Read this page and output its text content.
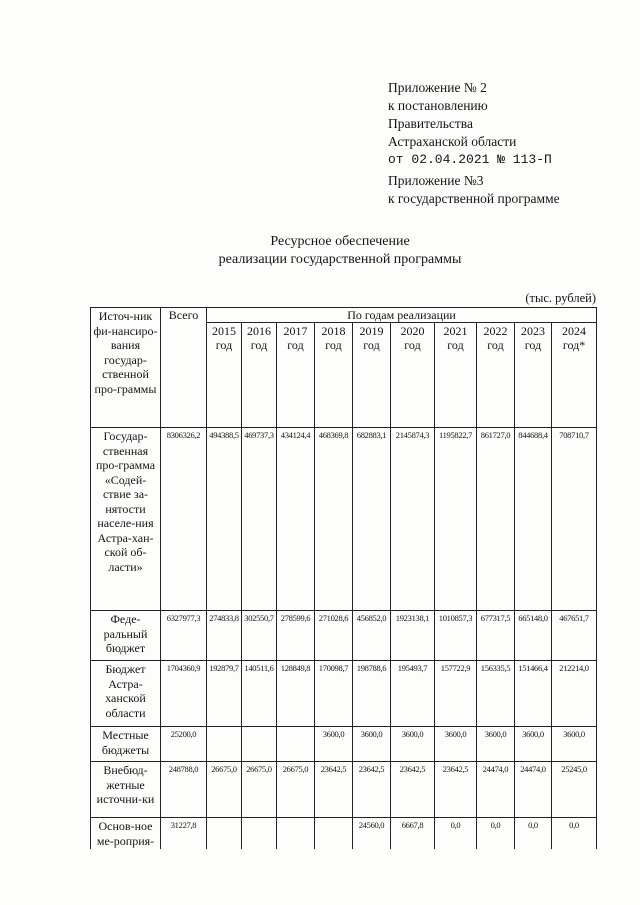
Приложение № 2
к постановлению
Правительства
Астраханской области
от 02.04.2021 № 113-П
Приложение №3
к государственной программе
Ресурсное обеспечение
реализации государственной программы
(тыс. рублей)
Источ-ник фи-нансиро-вания государ-ственной про-граммы	Всего	По годам реализации									
		2015 год	2016 год	2017 год	2018 год	2019 год	2020 год	2021 год	2022 год	2023 год	2024 год*
Государ-ственная про-грамма «Содей-ствие за-нятости населе-ния Астра-хан-ской об-ласти»	8306326,2	494388,5	469737,3	434124,4	468369,8	682883,1	2145874,3	1195822,7	861727,0	844688,4	708710,7
Феде-ральный бюджет	6327977,3	274833,8	302550,7	278599,6	271028,6	456852,0	1923138,1	1010857,3	677317,5	665148,0	467651,7
Бюджет Астра-ханской области	1704360,9	192879,7	140511,6	128849,8	170098,7	198788,6	195493,7	157722,9	156335,5	151466,4	212214,0
Местные бюджеты	25200,0				3600,0	3600,0	3600,0	3600,0	3600,0	3600,0	3600,0
Внебюд-жетные источни-ки	248788,0	26675,0	26675,0	26675,0	23642,5	23642,5	23642,5	23642,5	24474,0	24474,0	25245,0
Основ-ное ме-роприя-	31227,8					24560,0	6667,8	0,0	0,0	0,0	0,0
